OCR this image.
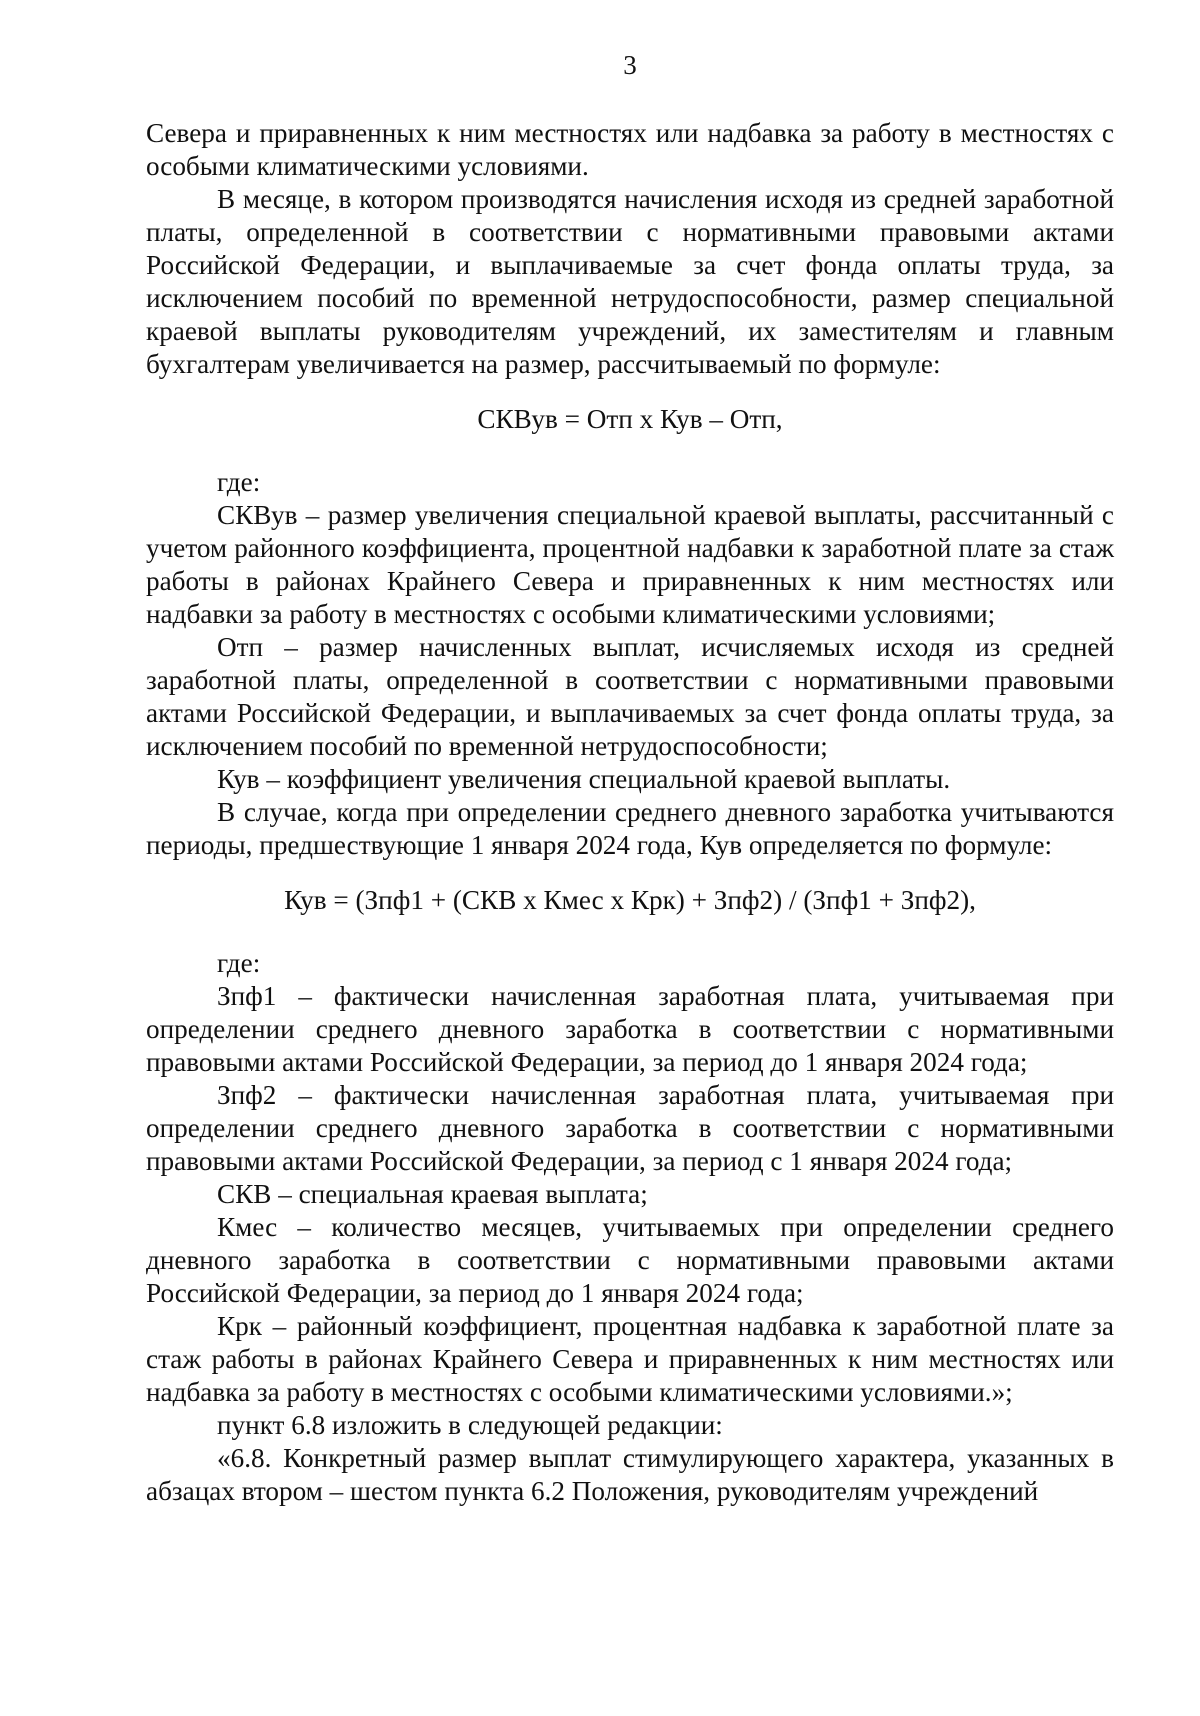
3

Севера и приравненных к ним местностях или надбавка за работу в местностях с особыми климатическими условиями.

В месяце, в котором производятся начисления исходя из средней заработной платы, определенной в соответствии с нормативными правовыми актами Российской Федерации, и выплачиваемые за счет фонда оплаты труда, за исключением пособий по временной нетрудоспособности, размер специальной краевой выплаты руководителям учреждений, их заместителям и главным бухгалтерам увеличивается на размер, рассчитываемый по формуле:

СКВув = Отп х Кув – Отп,

где:

СКВув – размер увеличения специальной краевой выплаты, рассчитанный с учетом районного коэффициента, процентной надбавки к заработной плате за стаж работы в районах Крайнего Севера и приравненных к ним местностях или надбавки за работу в местностях с особыми климатическими условиями;

Отп – размер начисленных выплат, исчисляемых исходя из средней заработной платы, определенной в соответствии с нормативными правовыми актами Российской Федерации, и выплачиваемых за счет фонда оплаты труда, за исключением пособий по временной нетрудоспособности;

Кув – коэффициент увеличения специальной краевой выплаты.

В случае, когда при определении среднего дневного заработка учитываются периоды, предшествующие 1 января 2024 года, Кув определяется по формуле:

Кув = (Зпф1 + (СКВ х Кмес х Крк) + Зпф2) / (Зпф1 + Зпф2),

где:

Зпф1 – фактически начисленная заработная плата, учитываемая при определении среднего дневного заработка в соответствии с нормативными правовыми актами Российской Федерации, за период до 1 января 2024 года;

Зпф2 – фактически начисленная заработная плата, учитываемая при определении среднего дневного заработка в соответствии с нормативными правовыми актами Российской Федерации, за период с 1 января 2024 года;

СКВ – специальная краевая выплата;

Кмес – количество месяцев, учитываемых при определении среднего дневного заработка в соответствии с нормативными правовыми актами Российской Федерации, за период до 1 января 2024 года;

Крк – районный коэффициент, процентная надбавка к заработной плате за стаж работы в районах Крайнего Севера и приравненных к ним местностях или надбавка за работу в местностях с особыми климатическими условиями.»;

пункт 6.8 изложить в следующей редакции:

«6.8. Конкретный размер выплат стимулирующего характера, указанных в абзацах втором – шестом пункта 6.2 Положения, руководителям учреждений
